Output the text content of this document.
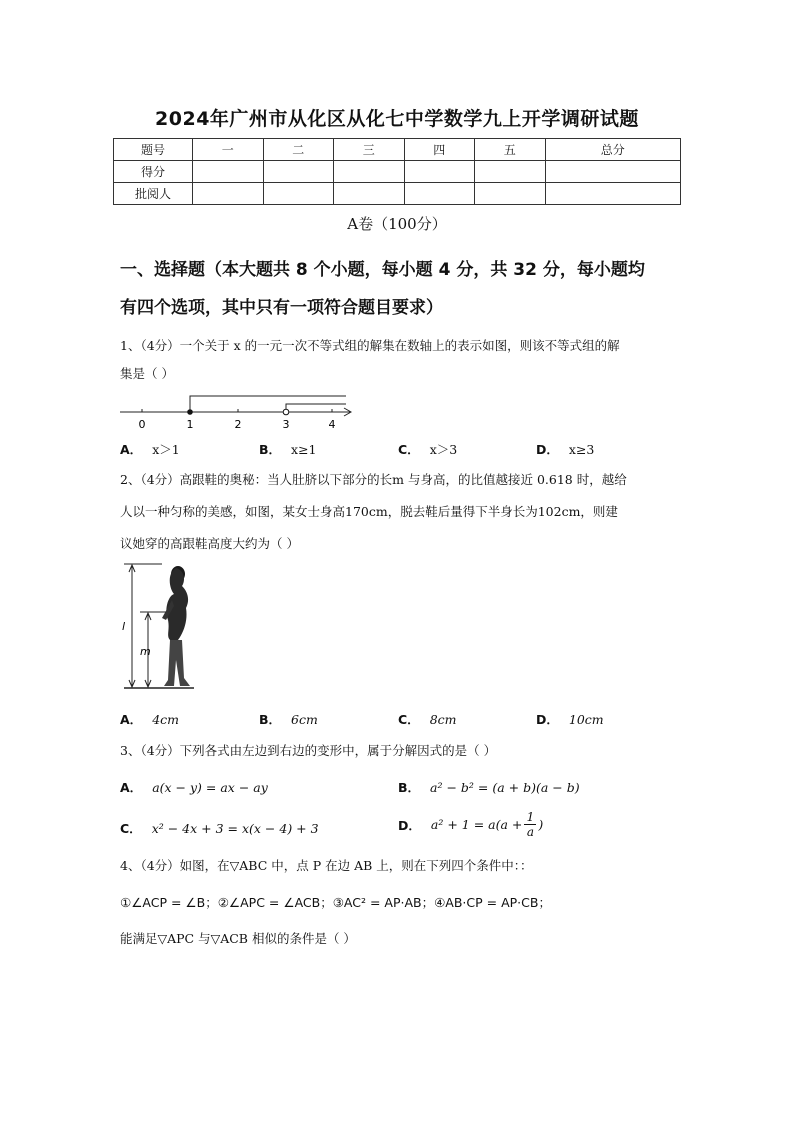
2024年广州市从化区从化七中学数学九上开学调研试题
题号	一	二	三	四	五	总分
得分						
批阅人						
A卷（100分）
一、选择题（本大题共 8 个小题，每小题 4 分，共 32 分，每小题均
有四个选项，其中只有一项符合题目要求）
1、（4分）一个关于 x 的一元一次不等式组的解集在数轴上的表示如图，则该不等式组的解
集是（ ）
0	1	2	3	4
A． x＞1	B． x≥1	C． x＞3	D． x≥3
2、（4分）高跟鞋的奥秘：当人肚脐以下部分的长m 与身高，的比值越接近 0.618 时，越给
人以一种匀称的美感，如图，某女士身高170cm，脱去鞋后量得下半身长为102cm，则建
议她穿的高跟鞋高度大约为（ ）
l
m
A． 4cm	B． 6cm	C． 8cm	D． 10cm
3、（4分）下列各式由左边到右边的变形中，属于分解因式的是（ ）
A． a(x − y) = ax − ay	B． a² − b² = (a + b)(a − b)
C． x² − 4x + 3 = x(x − 4) + 3	D． a² + 1 = a(a + 1
a )
4、（4分）如图，在▽ABC 中，点 P 在边 AB 上，则在下列四个条件中：：
①∠ACP = ∠B；②∠APC = ∠ACB；③AC² = AP·AB；④AB·CP = AP·CB；
能满足▽APC 与▽ACB 相似的条件是（ ）
